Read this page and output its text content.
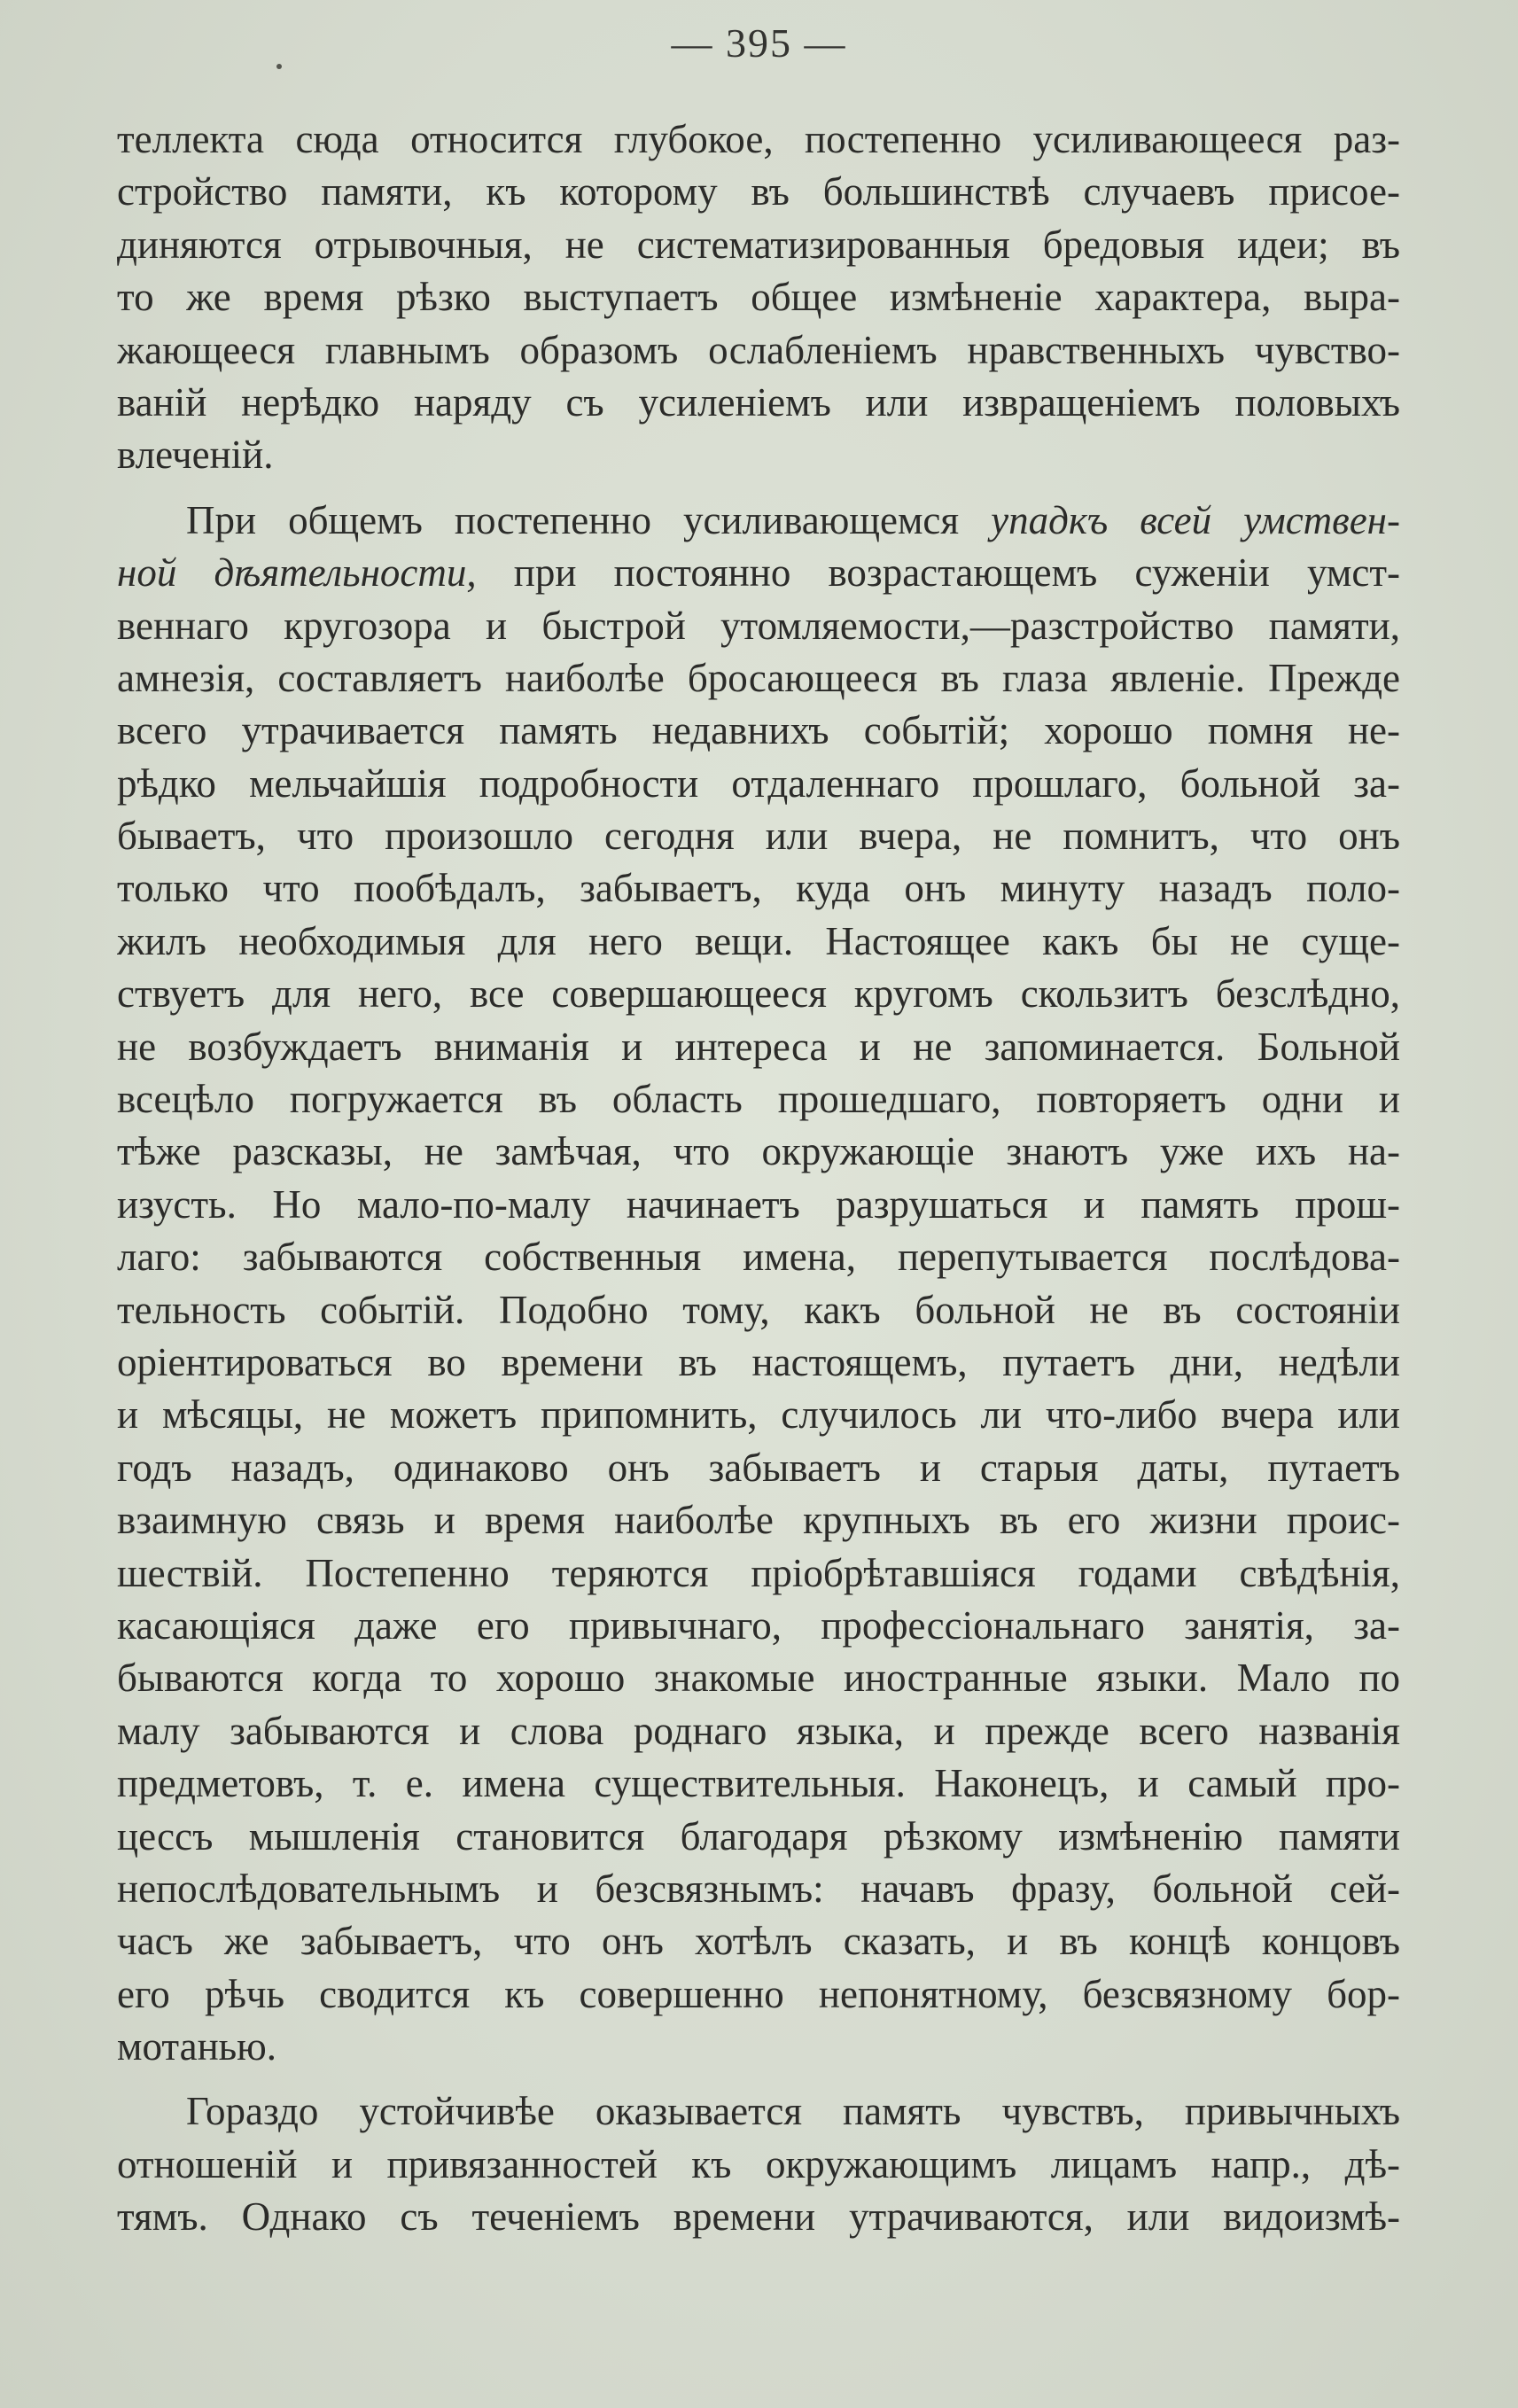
— 395 —
теллекта сюда относится глубокое, постепенно усиливающееся раз-
стройство памяти, къ которому въ большинствѣ случаевъ присое-
диняются отрывочныя, не систематизированныя бредовыя идеи; въ
то же время рѣзко выступаетъ общее измѣненіе характера, выра-
жающееся главнымъ образомъ ослабленіемъ нравственныхъ чувство-
ваній нерѣдко наряду съ усиленіемъ или извращеніемъ половыхъ
влеченій.
При общемъ постепенно усиливающемся упадкъ всей умствен-
ной дѣятельности, при постоянно возрастающемъ суженіи умст-
веннаго кругозора и быстрой утомляемости,—разстройство памяти,
амнезія, составляетъ наиболѣе бросающееся въ глаза явленіе. Прежде
всего утрачивается память недавнихъ событій; хорошо помня не-
рѣдко мельчайшія подробности отдаленнаго прошлаго, больной за-
бываетъ, что произошло сегодня или вчера, не помнитъ, что онъ
только что пообѣдалъ, забываетъ, куда онъ минуту назадъ поло-
жилъ необходимыя для него вещи. Настоящее какъ бы не суще-
ствуетъ для него, все совершающееся кругомъ скользитъ безслѣдно,
не возбуждаетъ вниманія и интереса и не запоминается. Больной
всецѣло погружается въ область прошедшаго, повторяетъ одни и
тѣже разсказы, не замѣчая, что окружающіе знаютъ уже ихъ на-
изусть. Но мало-по-малу начинаетъ разрушаться и память прош-
лаго: забываются собственныя имена, перепутывается послѣдова-
тельность событій. Подобно тому, какъ больной не въ состояніи
оріентироваться во времени въ настоящемъ, путаетъ дни, недѣли
и мѣсяцы, не можетъ припомнить, случилось ли что-либо вчера или
годъ назадъ, одинаково онъ забываетъ и старыя даты, путаетъ
взаимную связь и время наиболѣе крупныхъ въ его жизни проис-
шествій. Постепенно теряются пріобрѣтавшіяся годами свѣдѣнія,
касающіяся даже его привычнаго, профессіональнаго занятія, за-
бываются когда то хорошо знакомые иностранные языки. Мало по
малу забываются и слова роднаго языка, и прежде всего названія
предметовъ, т. е. имена существительныя. Наконецъ, и самый про-
цессъ мышленія становится благодаря рѣзкому измѣненію памяти
непослѣдовательнымъ и безсвязнымъ: начавъ фразу, больной сей-
часъ же забываетъ, что онъ хотѣлъ сказать, и въ концѣ концовъ
его рѣчь сводится къ совершенно непонятному, безсвязному бор-
мотанью.
Гораздо устойчивѣе оказывается память чувствъ, привычныхъ
отношеній и привязанностей къ окружающимъ лицамъ напр., дѣ-
тямъ. Однако съ теченіемъ времени утрачиваются, или видоизмѣ-
